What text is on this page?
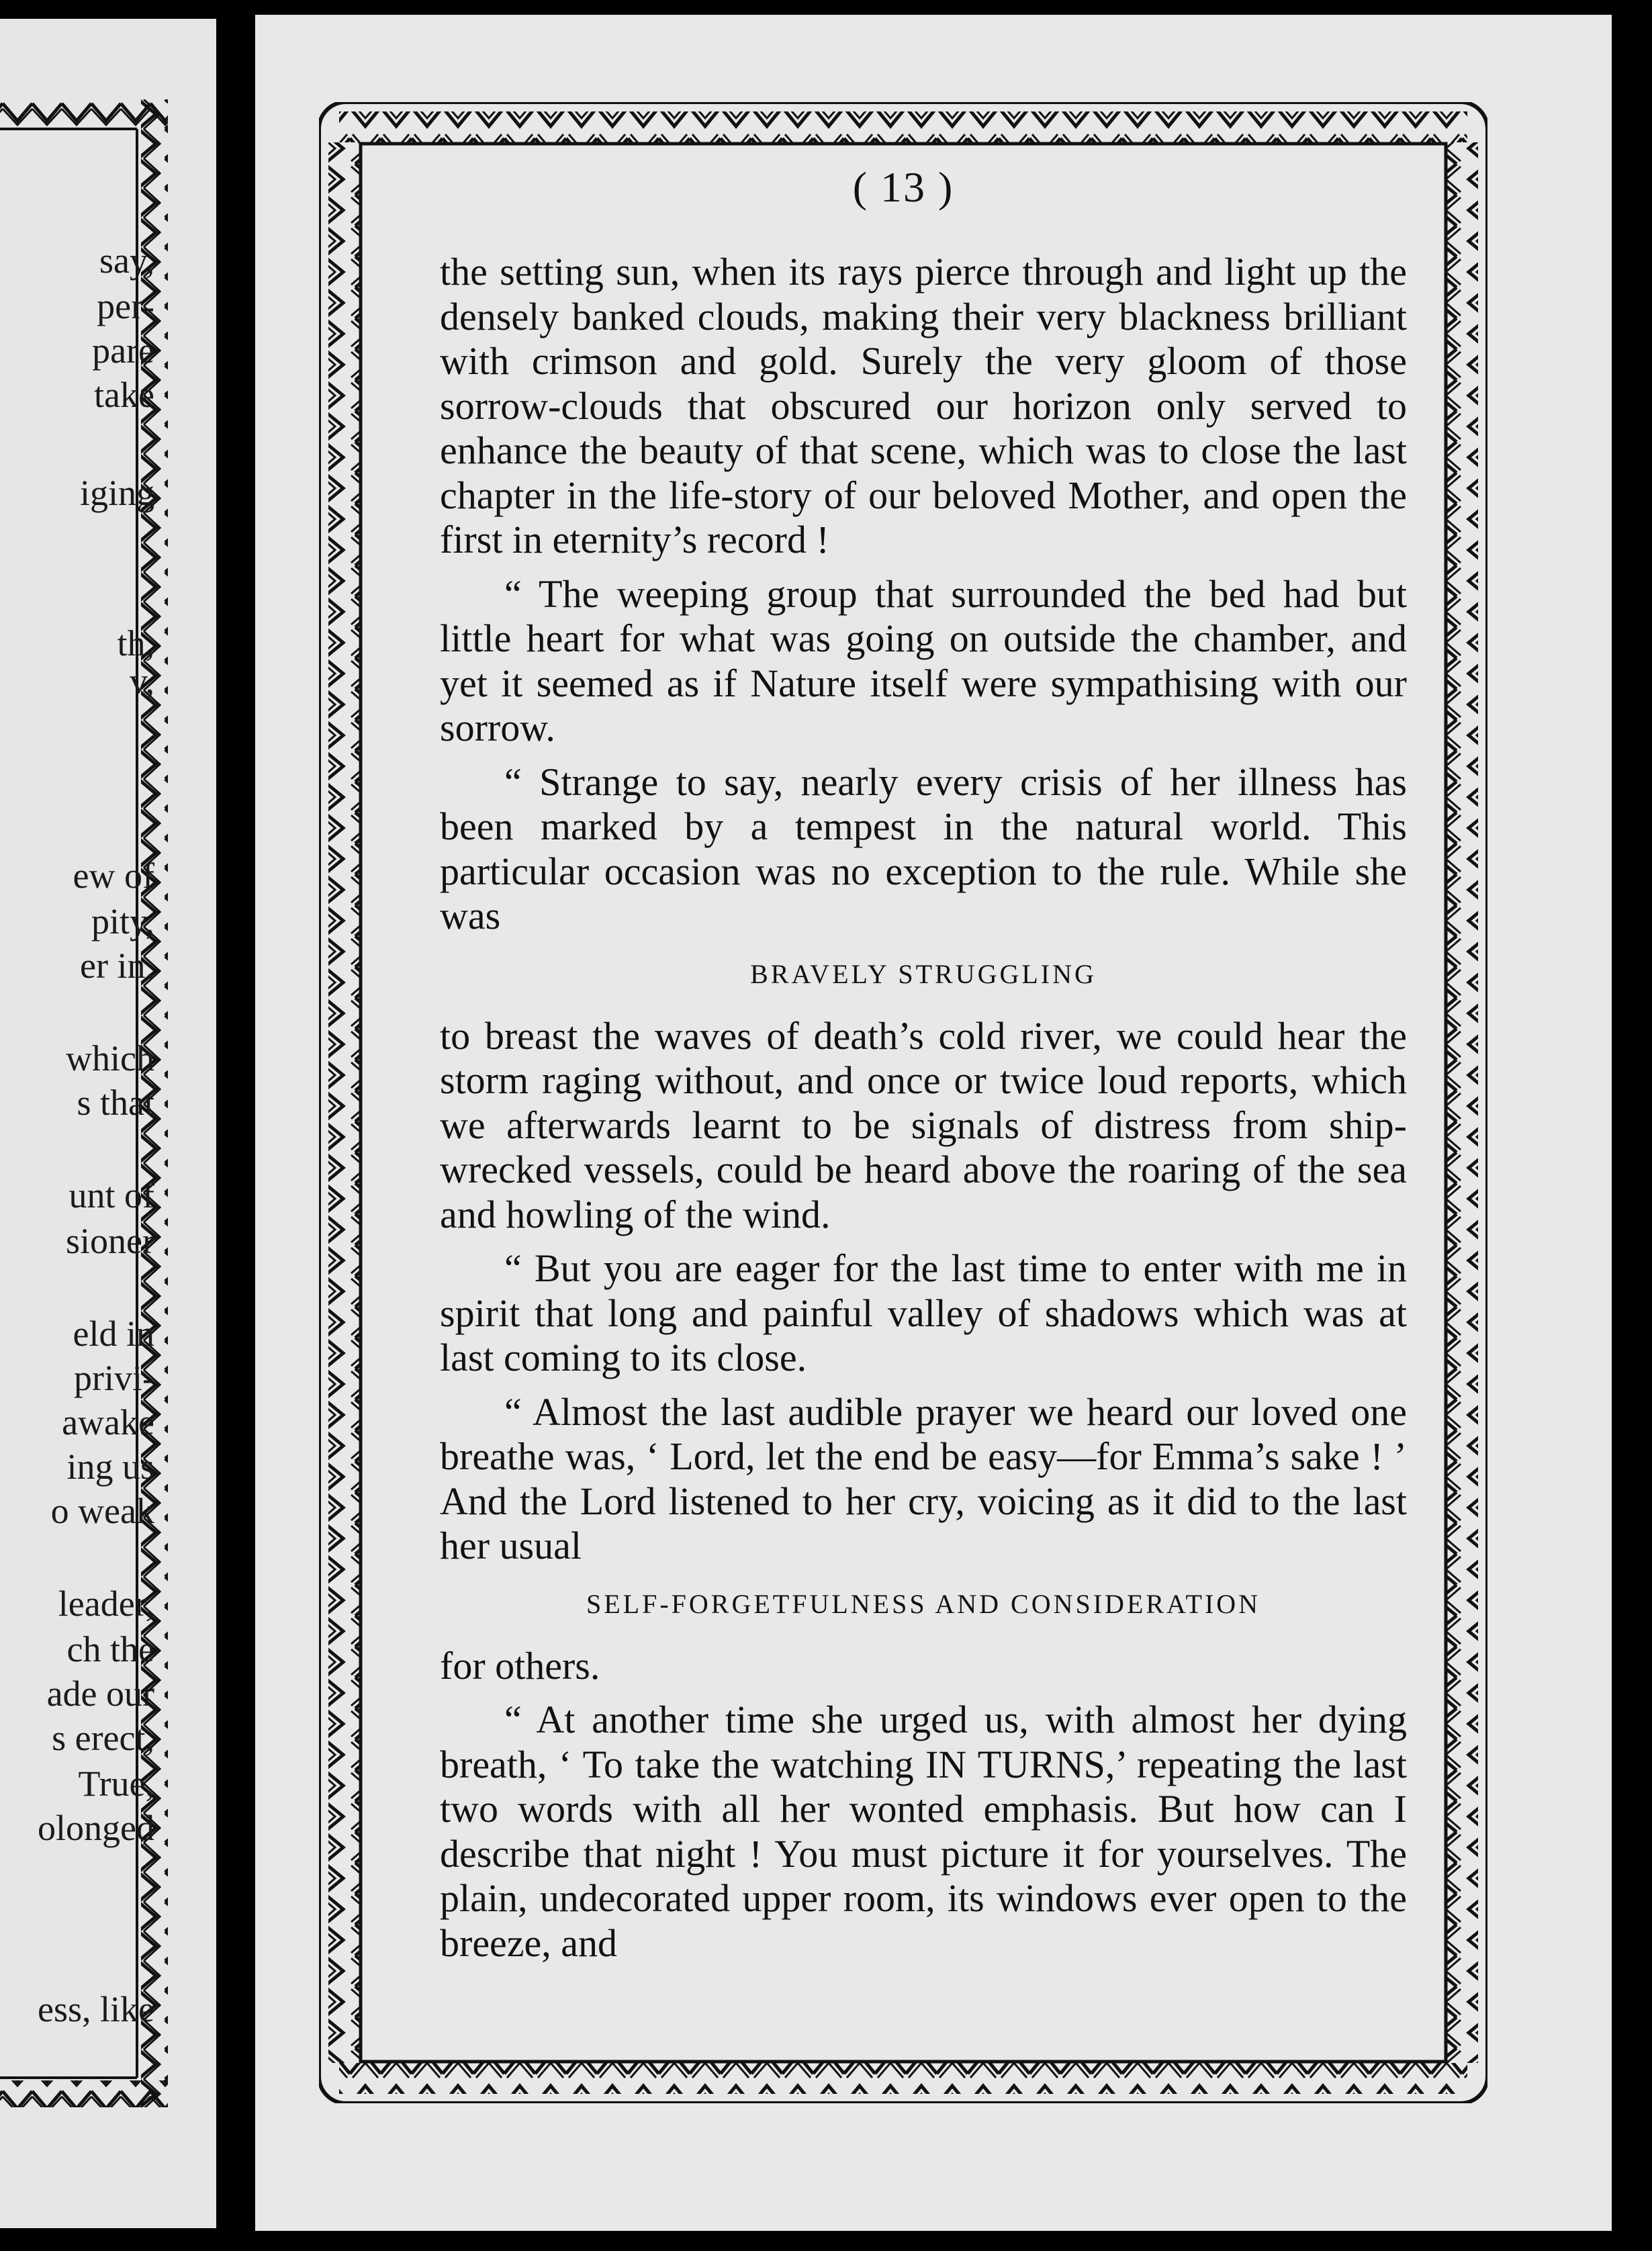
say,
per-
pare
take
iging
th,
v,
ew of
pity,
er in.
which
s that
unt of
sioner
eld in
privi-
awake
ing us
o weak
leader,
ch the
ade our
s erect,
True,
olonged
ess, like
( 13 )

the setting sun, when its rays pierce through and light up the densely banked clouds, making their very blackness brilliant with crimson and gold. Surely the very gloom of those sorrow-clouds that obscured our horizon only served to enhance the beauty of that scene, which was to close the last chapter in the life-story of our beloved Mother, and open the first in eternity’s record !

“ The weeping group that surrounded the bed had but little heart for what was going on outside the chamber, and yet it seemed as if Nature itself were sympathising with our sorrow.

“ Strange to say, nearly every crisis of her illness has been marked by a tempest in the natural world. This particular occasion was no exception to the rule. While she was

BRAVELY STRUGGLING

to breast the waves of death’s cold river, we could hear the storm raging without, and once or twice loud reports, which we afterwards learnt to be signals of distress from ship-wrecked vessels, could be heard above the roaring of the sea and howling of the wind.

“ But you are eager for the last time to enter with me in spirit that long and painful valley of shadows which was at last coming to its close.

“ Almost the last audible prayer we heard our loved one breathe was, ‘ Lord, let the end be easy—for Emma’s sake ! ’ And the Lord listened to her cry, voicing as it did to the last her usual

SELF-FORGETFULNESS AND CONSIDERATION

for others.

“ At another time she urged us, with almost her dying breath, ‘ To take the watching IN TURNS,’ repeating the last two words with all her wonted emphasis. But how can I describe that night ! You must picture it for yourselves. The plain, undecorated upper room, its windows ever open to the breeze, and
